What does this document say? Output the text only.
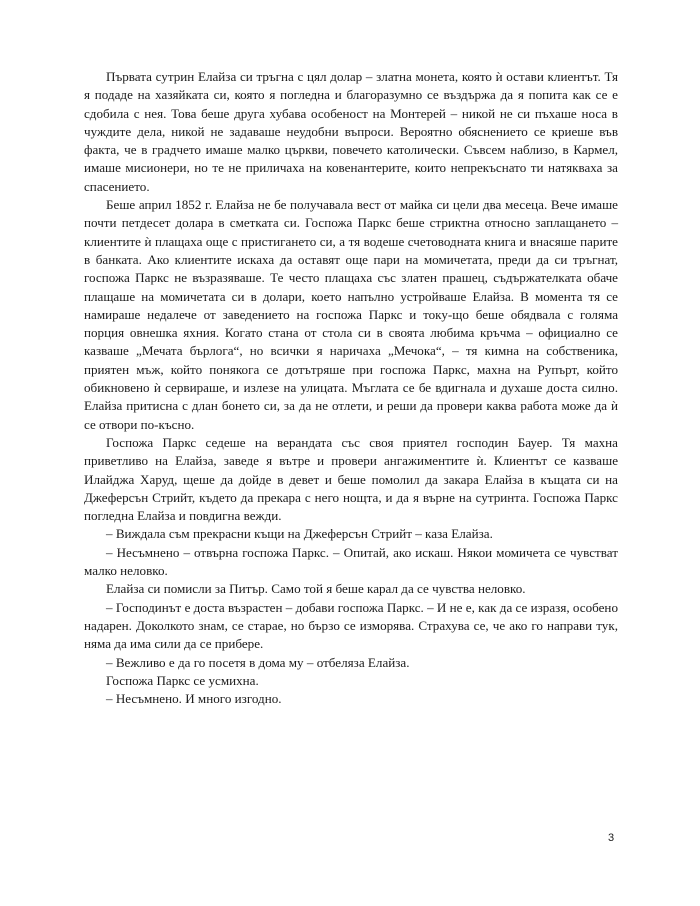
Първата сутрин Елайза си тръгна с цял долар – златна монета, която ѝ остави клиентът. Тя я подаде на хазяйката си, която я погледна и благоразумно се въздържа да я попита как се е сдобила с нея. Това беше друга хубава особеност на Монтерей – никой не си пъхаше носа в чуждите дела, никой не задаваше неудобни въпроси. Вероятно обяснението се криеше във факта, че в градчето имаше малко църкви, повечето католически. Съвсем наблизо, в Кармел, имаше мисионери, но те не приличаха на ковенантерите, които непрекъснато ти натякваха за спасението.

Беше април 1852 г. Елайза не бе получавала вест от майка си цели два месеца. Вече имаше почти петдесет долара в сметката си. Госпожа Паркс беше стриктна относно заплащането – клиентите ѝ плащаха още с пристигането си, а тя водеше счетоводната книга и внасяше парите в банката. Ако клиентите искаха да оставят още пари на момичетата, преди да си тръгнат, госпожа Паркс не възразяваше. Те често плащаха със златен прашец, съдържателката обаче плащаше на момичетата си в долари, което напълно устройваше Елайза. В момента тя се намираше недалече от заведението на госпожа Паркс и току-що беше обядвала с голяма порция овнешка яхния. Когато стана от стола си в своята любима кръчма – официално се казваше „Мечата бърлога“, но всички я наричаха „Мечока“, – тя кимна на собственика, приятен мъж, който понякога се дотътряше при госпожа Паркс, махна на Рупърт, който обикновено ѝ сервираше, и излезе на улицата. Мъглата се бе вдигнала и духаше доста силно. Елайза притисна с длан бонето си, за да не отлети, и реши да провери каква работа може да ѝ се отвори по-късно.

Госпожа Паркс седеше на верандата със своя приятел господин Бауер. Тя махна приветливо на Елайза, заведе я вътре и провери ангажиментите ѝ. Клиентът се казваше Илайджа Харуд, щеше да дойде в девет и беше помолил да закара Елайза в къщата си на Джеферсън Стрийт, където да прекара с него нощта, и да я върне на сутринта. Госпожа Паркс погледна Елайза и повдигна вежди.

– Виждала съм прекрасни къщи на Джеферсън Стрийт – каза Елайза.

– Несъмнено – отвърна госпожа Паркс. – Опитай, ако искаш. Някои момичета се чувстват малко неловко.

Елайза си помисли за Питър. Само той я беше карал да се чувства неловко.

– Господинът е доста възрастен – добави госпожа Паркс. – И не е, как да се изразя, особено надарен. Доколкото знам, се старае, но бързо се изморява. Страхува се, че ако го направи тук, няма да има сили да се прибере.

– Вежливо е да го посетя в дома му – отбеляза Елайза.

Госпожа Паркс се усмихна.

– Несъмнено. И много изгодно.

3
